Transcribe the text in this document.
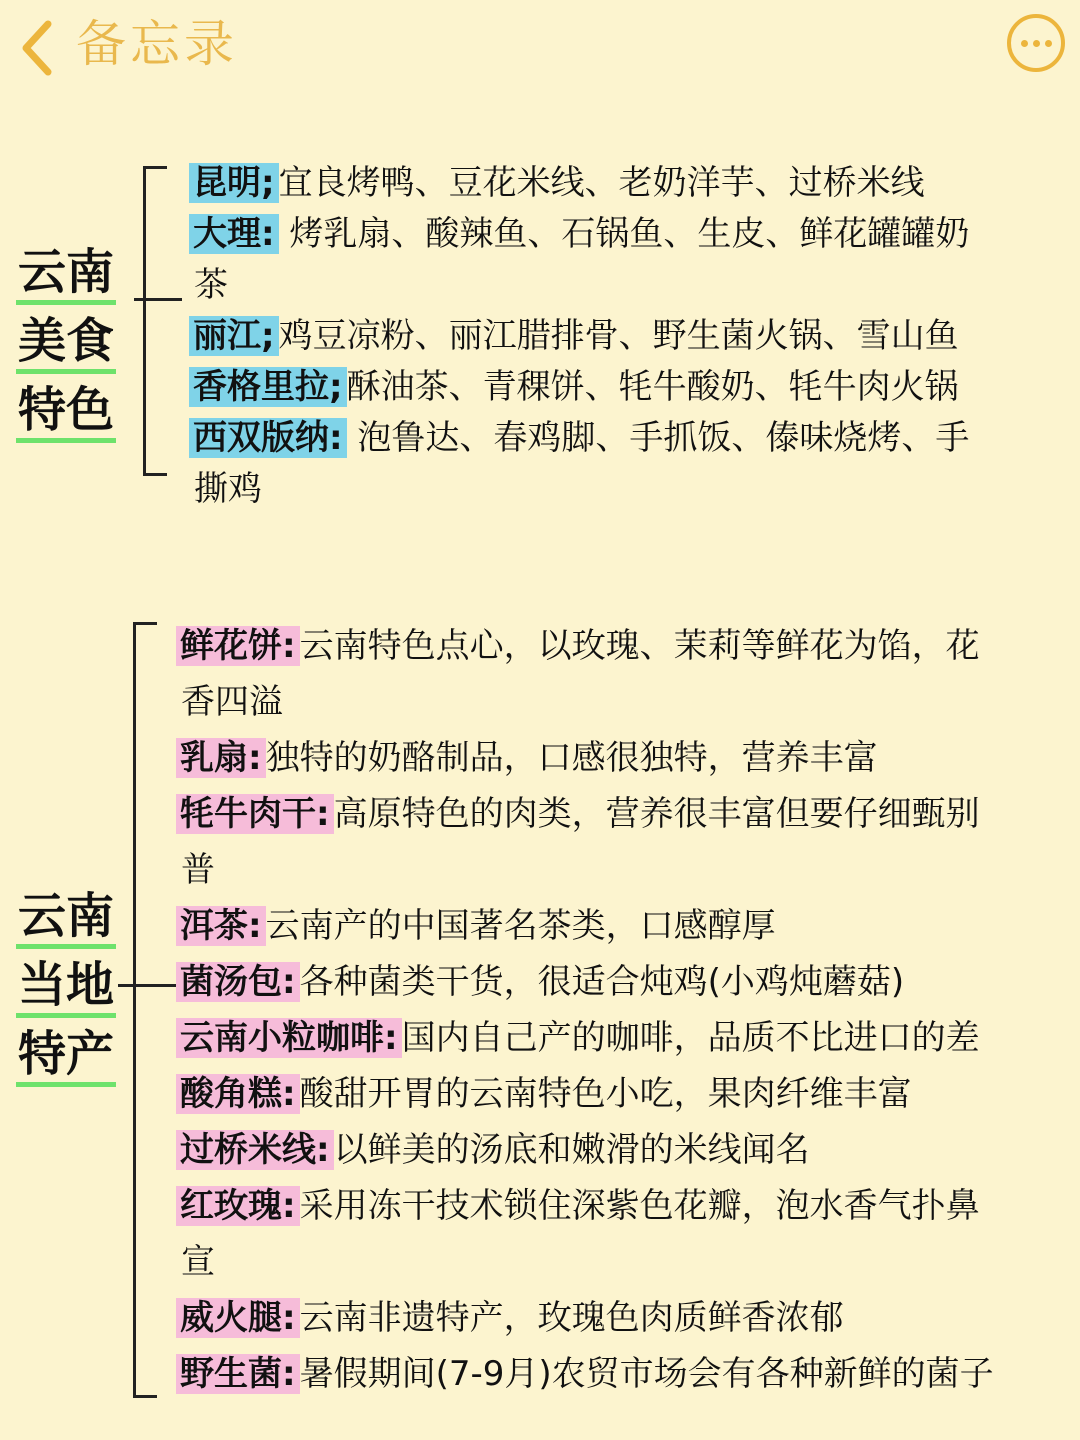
备忘录
云南
美食
特色
昆明; 宜良烤鸭、豆花米线、老奶洋芋、过桥米线
大理: 烤乳扇、酸辣鱼、石锅鱼、生皮、鲜花罐罐奶
茶
丽江; 鸡豆凉粉、丽江腊排骨、野生菌火锅、雪山鱼
香格里拉; 酥油茶、青稞饼、牦牛酸奶、牦牛肉火锅
西双版纳: 泡鲁达、春鸡脚、手抓饭、傣味烧烤、手
撕鸡
云南
当地
特产
鲜花饼: 云南特色点心，以玫瑰、茉莉等鲜花为馅，花
香四溢
乳扇: 独特的奶酪制品，口感很独特，营养丰富
牦牛肉干: 高原特色的肉类，营养很丰富但要仔细甄别
普
洱茶: 云南产的中国著名茶类，口感醇厚
菌汤包: 各种菌类干货，很适合炖鸡(小鸡炖蘑菇)
云南小粒咖啡: 国内自己产的咖啡，品质不比进口的差
酸角糕: 酸甜开胃的云南特色小吃，果肉纤维丰富
过桥米线: 以鲜美的汤底和嫩滑的米线闻名
红玫瑰: 采用冻干技术锁住深紫色花瓣，泡水香气扑鼻
宣
威火腿: 云南非遗特产，玫瑰色肉质鲜香浓郁
野生菌: 暑假期间(7-9月)农贸市场会有各种新鲜的菌子
